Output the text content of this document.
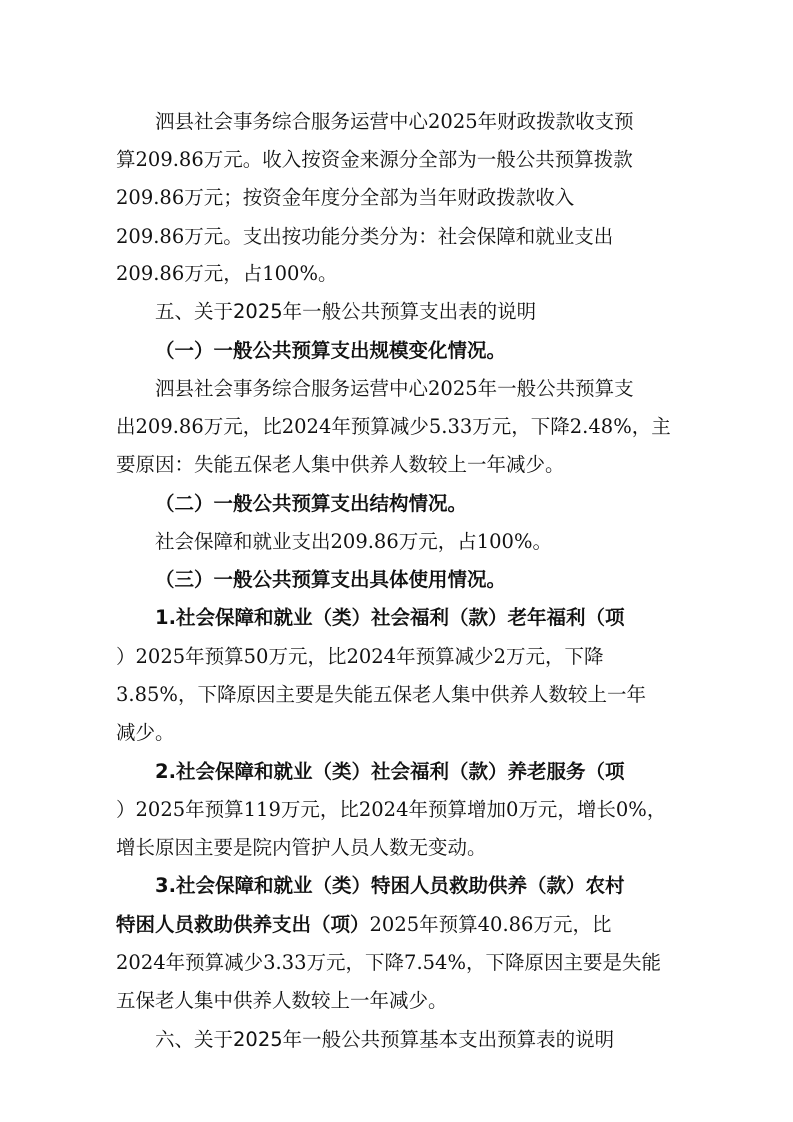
泗县社会事务综合服务运营中心2025年财政拨款收支预
算209.86万元。收入按资金来源分全部为一般公共预算拨款
209.86万元；按资金年度分全部为当年财政拨款收入
209.86万元。支出按功能分类分为：社会保障和就业支出
209.86万元，占100%。
五、关于2025年一般公共预算支出表的说明
（一）一般公共预算支出规模变化情况。
泗县社会事务综合服务运营中心2025年一般公共预算支
出209.86万元，比2024年预算减少5.33万元，下降2.48%，主
要原因：失能五保老人集中供养人数较上一年减少。
（二）一般公共预算支出结构情况。
社会保障和就业支出209.86万元，占100%。
（三）一般公共预算支出具体使用情况。
1.社会保障和就业（类）社会福利（款）老年福利（项
）2025年预算50万元，比2024年预算减少2万元，下降
3.85%，下降原因主要是失能五保老人集中供养人数较上一年
减少。
2.社会保障和就业（类）社会福利（款）养老服务（项
）2025年预算119万元，比2024年预算增加0万元，增长0%，
增长原因主要是院内管护人员人数无变动。
3.社会保障和就业（类）特困人员救助供养（款）农村
特困人员救助供养支出（项）2025年预算40.86万元，比
2024年预算减少3.33万元，下降7.54%，下降原因主要是失能
五保老人集中供养人数较上一年减少。
六、关于2025年一般公共预算基本支出预算表的说明
